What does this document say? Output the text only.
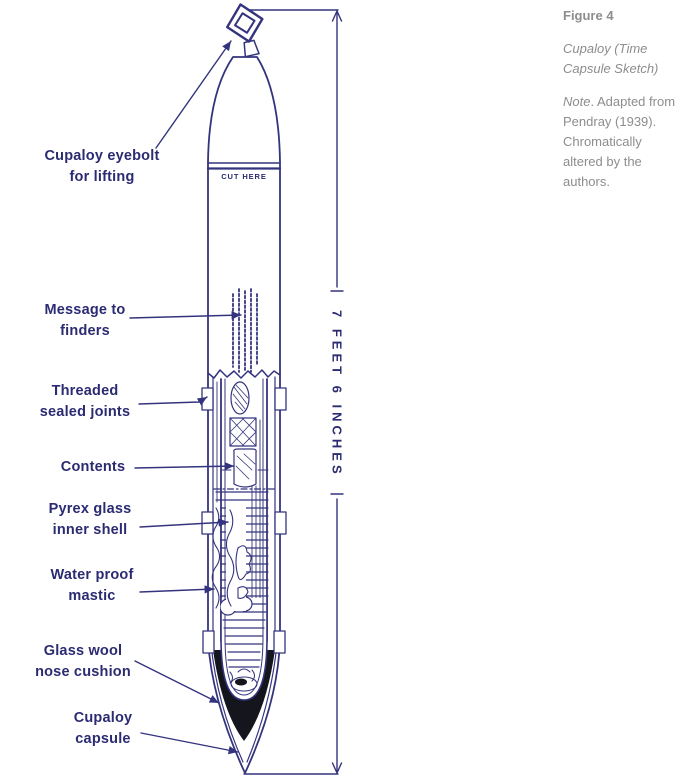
Cupaloy eyebolt for lifting
Message to finders
Threaded sealed joints
Contents
Pyrex glass inner shell
Water proof mastic
Glass wool nose cushion
Cupaloy capsule
CUT HERE
7 FEET 6 INCHES
Figure 4
Cupaloy (Time Capsule Sketch)
Note. Adapted from Pendray (1939). Chromatically altered by the authors.
